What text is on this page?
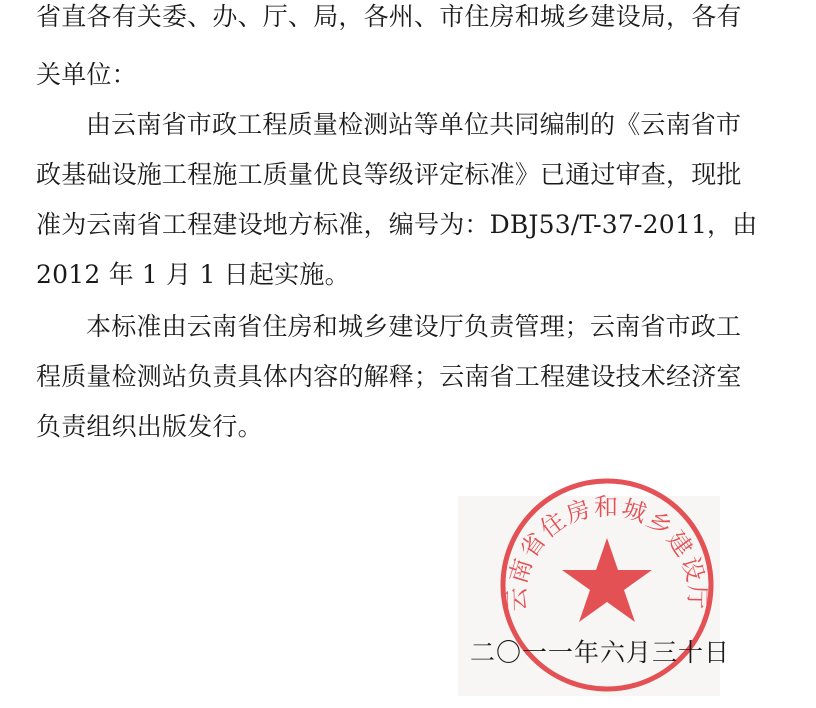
省直各有关委、办、厅、局，各州、市住房和城乡建设局，各有
关单位：
由云南省市政工程质量检测站等单位共同编制的《云南省市
政基础设施工程施工质量优良等级评定标准》已通过审查，现批
准为云南省工程建设地方标准，编号为：DBJ53/T-37-2011，由
2012 年 1 月 1 日起实施。
本标准由云南省住房和城乡建设厅负责管理；云南省市政工
程质量检测站负责具体内容的解释；云南省工程建设技术经济室
负责组织出版发行。
云南省住房和城乡建设厅
二〇一一年六月三十日
